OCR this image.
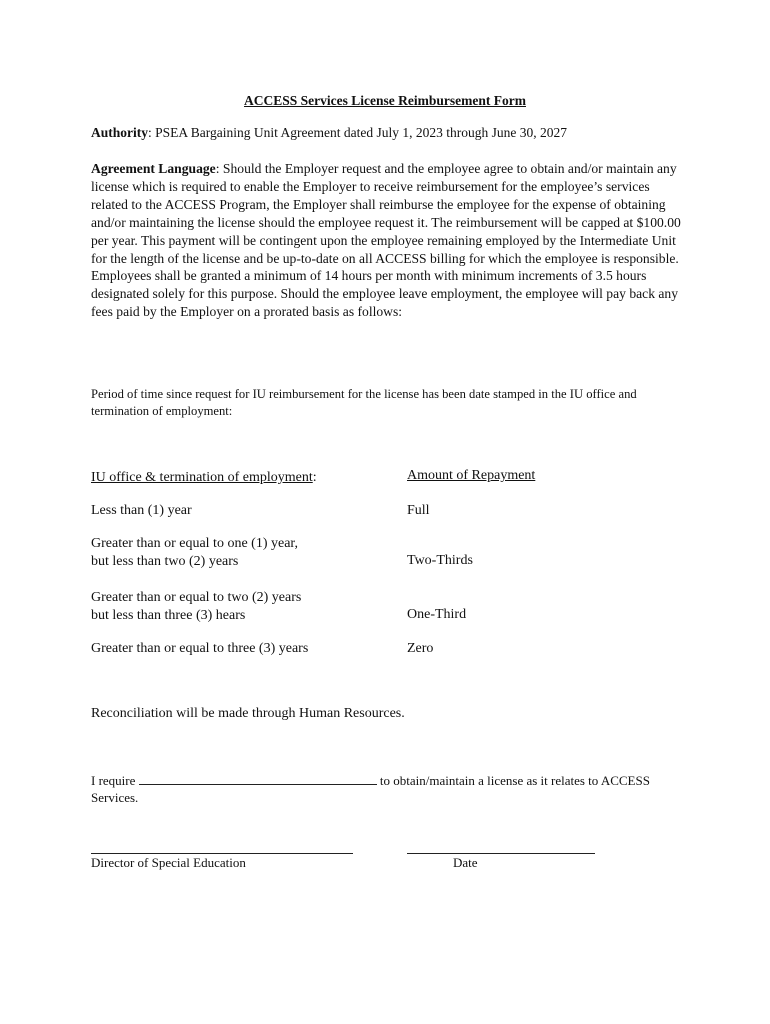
ACCESS Services License Reimbursement Form
Authority: PSEA Bargaining Unit Agreement dated July 1, 2023 through June 30, 2027
Agreement Language: Should the Employer request and the employee agree to obtain and/or maintain any license which is required to enable the Employer to receive reimbursement for the employee’s services related to the ACCESS Program, the Employer shall reimburse the employee for the expense of obtaining and/or maintaining the license should the employee request it. The reimbursement will be capped at $100.00 per year. This payment will be contingent upon the employee remaining employed by the Intermediate Unit for the length of the license and be up-to-date on all ACCESS billing for which the employee is responsible. Employees shall be granted a minimum of 14 hours per month with minimum increments of 3.5 hours designated solely for this purpose. Should the employee leave employment, the employee will pay back any fees paid by the Employer on a prorated basis as follows:
Period of time since request for IU reimbursement for the license has been date stamped in the IU office and termination of employment:
IU office & termination of employment:	Amount of Repayment
Less than (1) year	Full
Greater than or equal to one (1) year,
but less than two (2) years	Two-Thirds
Greater than or equal to two (2) years
but less than three (3) hears	One-Third
Greater than or equal to three (3) years	Zero
Reconciliation will be made through Human Resources.
I require	to obtain/maintain a license as it relates to ACCESS Services.
Director of Special Education	Date
